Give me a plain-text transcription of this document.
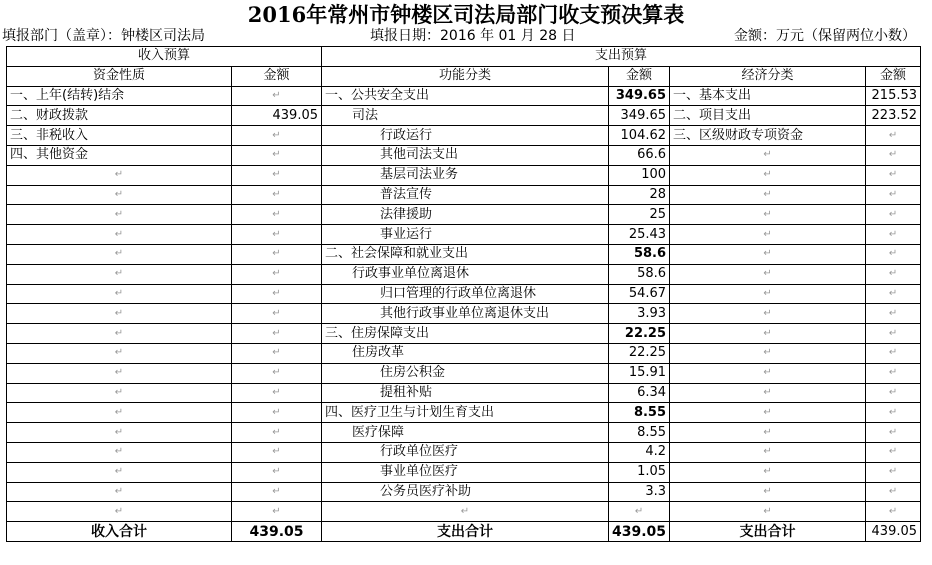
2016年常州市钟楼区司法局部门收支预决算表
填报部门（盖章）：钟楼区司法局	填报日期：2016 年 01 月 28 日	金额：万元（保留两位小数）
收入预算		支出预算			
资金性质	金额	功能分类	金额	经济分类	金额
一、上年(结转)结余	↵	一、公共安全支出	349.65	一、基本支出	215.53
二、财政拨款	439.05	司法	349.65	二、项目支出	223.52
三、非税收入	↵	行政运行	104.62	三、区级财政专项资金	↵
四、其他资金	↵	其他司法支出	66.6	↵	↵
↵	↵	基层司法业务	100	↵	↵
↵	↵	普法宣传	28	↵	↵
↵	↵	法律援助	25	↵	↵
↵	↵	事业运行	25.43	↵	↵
↵	↵	二、社会保障和就业支出	58.6	↵	↵
↵	↵	行政事业单位离退休	58.6	↵	↵
↵	↵	归口管理的行政单位离退休	54.67	↵	↵
↵	↵	其他行政事业单位离退休支出	3.93	↵	↵
↵	↵	三、住房保障支出	22.25	↵	↵
↵	↵	住房改革	22.25	↵	↵
↵	↵	住房公积金	15.91	↵	↵
↵	↵	提租补贴	6.34	↵	↵
↵	↵	四、医疗卫生与计划生育支出	8.55	↵	↵
↵	↵	医疗保障	8.55	↵	↵
↵	↵	行政单位医疗	4.2	↵	↵
↵	↵	事业单位医疗	1.05	↵	↵
↵	↵	公务员医疗补助	3.3	↵	↵
↵	↵	↵	↵	↵	↵
收入合计	439.05	支出合计	439.05	支出合计	439.05
